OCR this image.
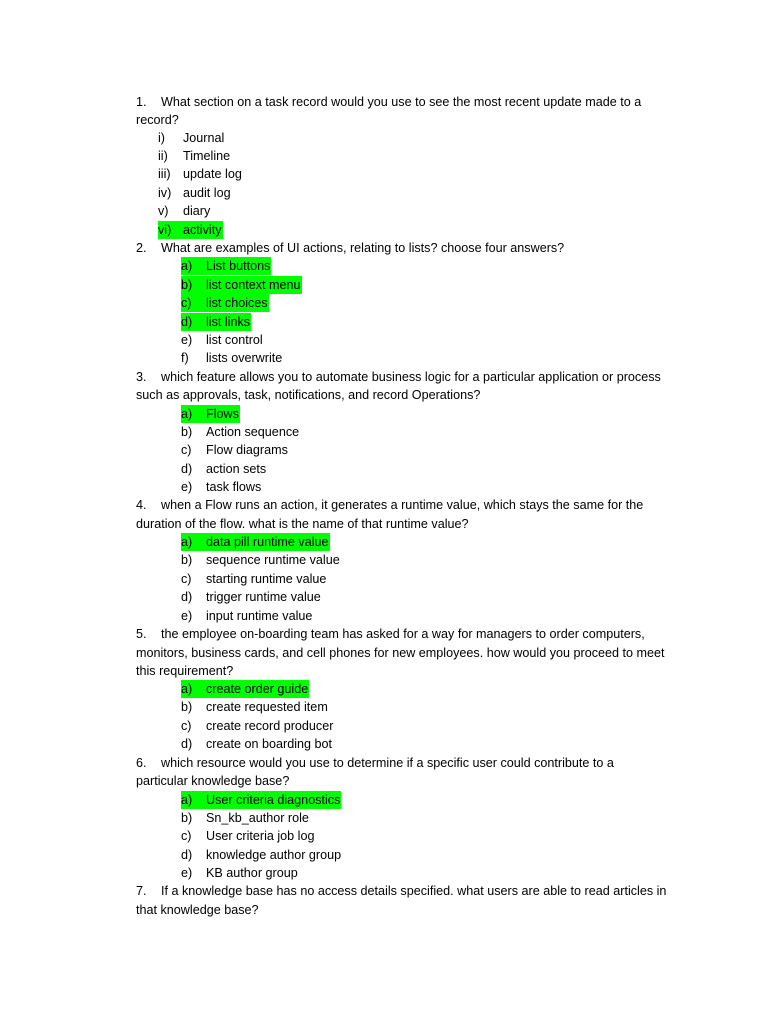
1. What section on a task record would you use to see the most recent update made to a
record?
i) Journal
ii) Timeline
iii) update log
iv) audit log
v) diary
vi) activity
2. What are examples of UI actions, relating to lists? choose four answers?
a) List buttons
b) list context menu
c) list choices
d) list links
e) list control
f) lists overwrite
3. which feature allows you to automate business logic for a particular application or process
such as approvals, task, notifications, and record Operations?
a) Flows
b) Action sequence
c) Flow diagrams
d) action sets
e) task flows
4. when a Flow runs an action, it generates a runtime value, which stays the same for the
duration of the flow. what is the name of that runtime value?
a) data pill runtime value
b) sequence runtime value
c) starting runtime value
d) trigger runtime value
e) input runtime value
5. the employee on-boarding team has asked for a way for managers to order computers,
monitors, business cards, and cell phones for new employees. how would you proceed to meet
this requirement?
a) create order guide
b) create requested item
c) create record producer
d) create on boarding bot
6. which resource would you use to determine if a specific user could contribute to a
particular knowledge base?
a) User criteria diagnostics
b) Sn_kb_author role
c) User criteria job log
d) knowledge author group
e) KB author group
7. If a knowledge base has no access details specified. what users are able to read articles in
that knowledge base?
